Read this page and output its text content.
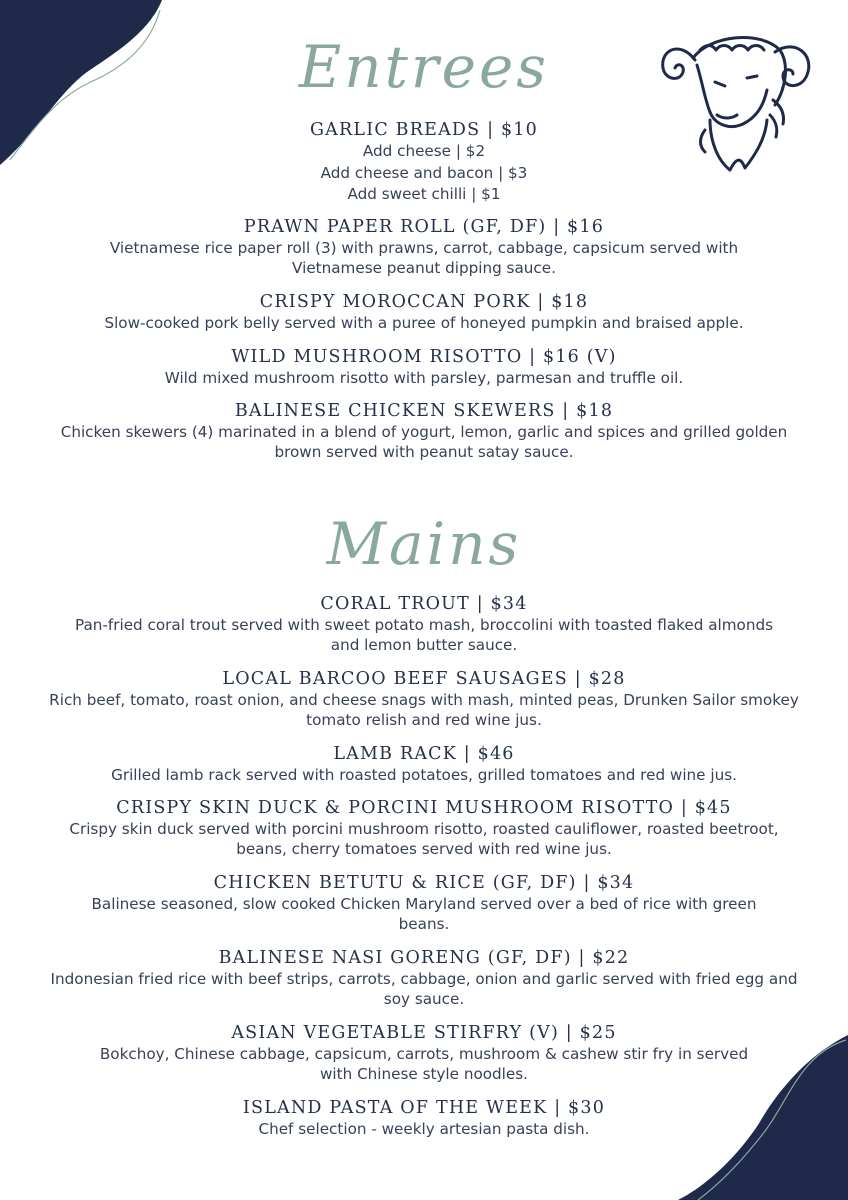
Entrees
GARLIC BREADS | $10
Add cheese | $2
Add cheese and bacon | $3
Add sweet chilli | $1
PRAWN PAPER ROLL (GF, DF) | $16
Vietnamese rice paper roll (3) with prawns, carrot, cabbage, capsicum served with Vietnamese peanut dipping sauce.
CRISPY MOROCCAN PORK | $18
Slow-cooked pork belly served with a puree of honeyed pumpkin and braised apple.
WILD MUSHROOM RISOTTO | $16 (V)
Wild mixed mushroom risotto with parsley, parmesan and truffle oil.
BALINESE CHICKEN SKEWERS | $18
Chicken skewers (4) marinated in a blend of yogurt, lemon, garlic and spices and grilled golden brown served with peanut satay sauce.
Mains
CORAL TROUT | $34
Pan-fried coral trout served with sweet potato mash, broccolini with toasted flaked almonds and lemon butter sauce.
LOCAL BARCOO BEEF SAUSAGES | $28
Rich beef, tomato, roast onion, and cheese snags with mash, minted peas, Drunken Sailor smokey tomato relish and red wine jus.
LAMB RACK | $46
Grilled lamb rack served with roasted potatoes, grilled tomatoes and red wine jus.
CRISPY SKIN DUCK & PORCINI MUSHROOM RISOTTO | $45
Crispy skin duck served with porcini mushroom risotto, roasted cauliflower, roasted beetroot, beans, cherry tomatoes served with red wine jus.
CHICKEN BETUTU & RICE (GF, DF) | $34
Balinese seasoned, slow cooked Chicken Maryland served over a bed of rice with green beans.
BALINESE NASI GORENG (GF, DF) | $22
Indonesian fried rice with beef strips, carrots, cabbage, onion and garlic served with fried egg and soy sauce.
ASIAN VEGETABLE STIRFRY (V) | $25
Bokchoy, Chinese cabbage, capsicum, carrots, mushroom & cashew stir fry in served with Chinese style noodles.
ISLAND PASTA OF THE WEEK | $30
Chef selection - weekly artesian pasta dish.
